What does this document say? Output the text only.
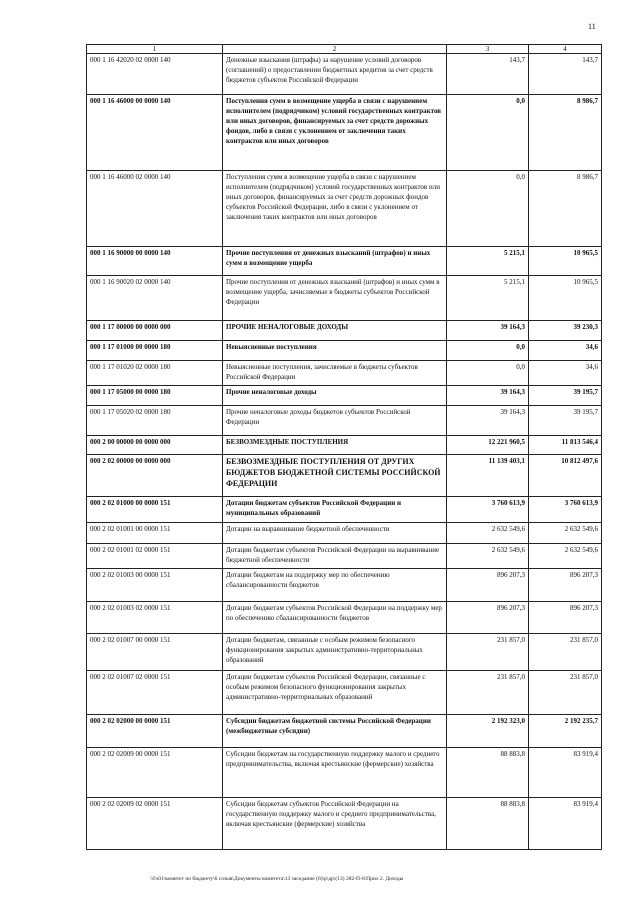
11
1	2	3	4
000 1 16 42020 02 0000 140	Денежные взыскания (штрафы) за нарушение условий договоров (соглашений) о предоставлении бюджетных кредитов за счет средств бюджетов субъектов Российской Федерации	143,7	143,7
000 1 16 46000 00 0000 140	Поступления сумм в возмещение ущерба в связи с нарушением исполнителем (подрядчиком) условий государственных контрактов или иных договоров, финансируемых за счет средств дорожных фондов, либо в связи с уклонением от заключения таких контрактов или иных договоров	0,0	8 986,7
000 1 16 46000 02 0000 140	Поступления сумм в возмещение ущерба в связи с нарушением исполнителем (подрядчиком) условий государственных контрактов или иных договоров, финансируемых за счет средств дорожных фондов субъектов Российской Федерации, либо в связи с уклонением от заключения таких контрактов или иных договоров	0,0	8 986,7
000 1 16 90000 00 0000 140	Прочие поступления от денежных взысканий (штрафов) и иных сумм в возмещение ущерба	5 215,1	10 965,5
000 1 16 90020 02 0000 140	Прочие поступления от денежных взысканий (штрафов) и иных сумм в возмещение ущерба, зачисляемые в бюджеты субъектов Российской Федерации	5 215,1	10 965,5
000 1 17 00000 00 0000 000	ПРОЧИЕ НЕНАЛОГОВЫЕ ДОХОДЫ	39 164,3	39 230,3
000 1 17 01000 00 0000 180	Невыясненные поступления	0,0	34,6
000 1 17 01020 02 0000 180	Невыясненные поступления, зачисляемые в бюджеты субъектов Российской Федерации	0,0	34,6
000 1 17 05000 00 0000 180	Прочие неналоговые доходы	39 164,3	39 195,7
000 1 17 05020 02 0000 180	Прочие неналоговые доходы бюджетов субъектов Российской Федерации	39 164,3	39 195,7
000 2 00 00000 00 0000 000	БЕЗВОЗМЕЗДНЫЕ ПОСТУПЛЕНИЯ	12 221 960,5	11 813 546,4
000 2 02 00000 00 0000 000	БЕЗВОЗМЕЗДНЫЕ ПОСТУПЛЕНИЯ ОТ ДРУГИХ БЮДЖЕТОВ БЮДЖЕТНОЙ СИСТЕМЫ РОССИЙСКОЙ ФЕДЕРАЦИИ	11 139 403,1	10 812 497,6
000 2 02 01000 00 0000 151	Дотации бюджетам субъектов Российской Федерации и муниципальных образований	3 760 613,9	3 760 613,9
000 2 02 01001 00 0000 151	Дотации на выравнивание бюджетной обеспеченности	2 632 549,6	2 632 549,6
000 2 02 01001 02 0000 151	Дотации бюджетам субъектов Российской Федерации на выравнивание бюджетной обеспеченности	2 632 549,6	2 632 549,6
000 2 02 01003 00 0000 151	Дотации бюджетам на поддержку мер по обеспечению сбалансированности бюджетов	896 207,3	896 207,3
000 2 02 01003 02 0000 151	Дотации бюджетам субъектов Российской Федерации на поддержку мер по обеспечению сбалансированности бюджетов	896 207,3	896 207,3
000 2 02 01007 00 0000 151	Дотации бюджетам, связанные с особым режимом безопасного функционирования закрытых административно-территориальных образований	231 857,0	231 857,0
000 2 02 01007 02 0000 151	Дотации бюджетам субъектов Российской Федерации, связанные с особым режимом безопасного функционирования закрытых административно-территориальных образований	231 857,0	231 857,0
000 2 02 02000 00 0000 151	Субсидии бюджетам бюджетной системы Российской Федерации (межбюджетные субсидии)	2 192 323,0	2 192 235,7
000 2 02 02009 00 0000 151	Субсидии бюджетам на государственную поддержку малого и среднего предпринимательства, включая крестьянские (фермерские) хозяйства	88 883,8	83 919,4
000 2 02 02009 02 0000 151	Субсидии бюджетам субъектов Российской Федерации на государственную поддержку малого и среднего предпринимательства, включая крестьянские (фермерские) хозяйства	88 883,8	83 919,4
\\Fs01\комитет по бюджету\6 созыв\Документы комитета\13 заседание (6)\р\др\(13) 282-П-6\Прил 2. Доходы
